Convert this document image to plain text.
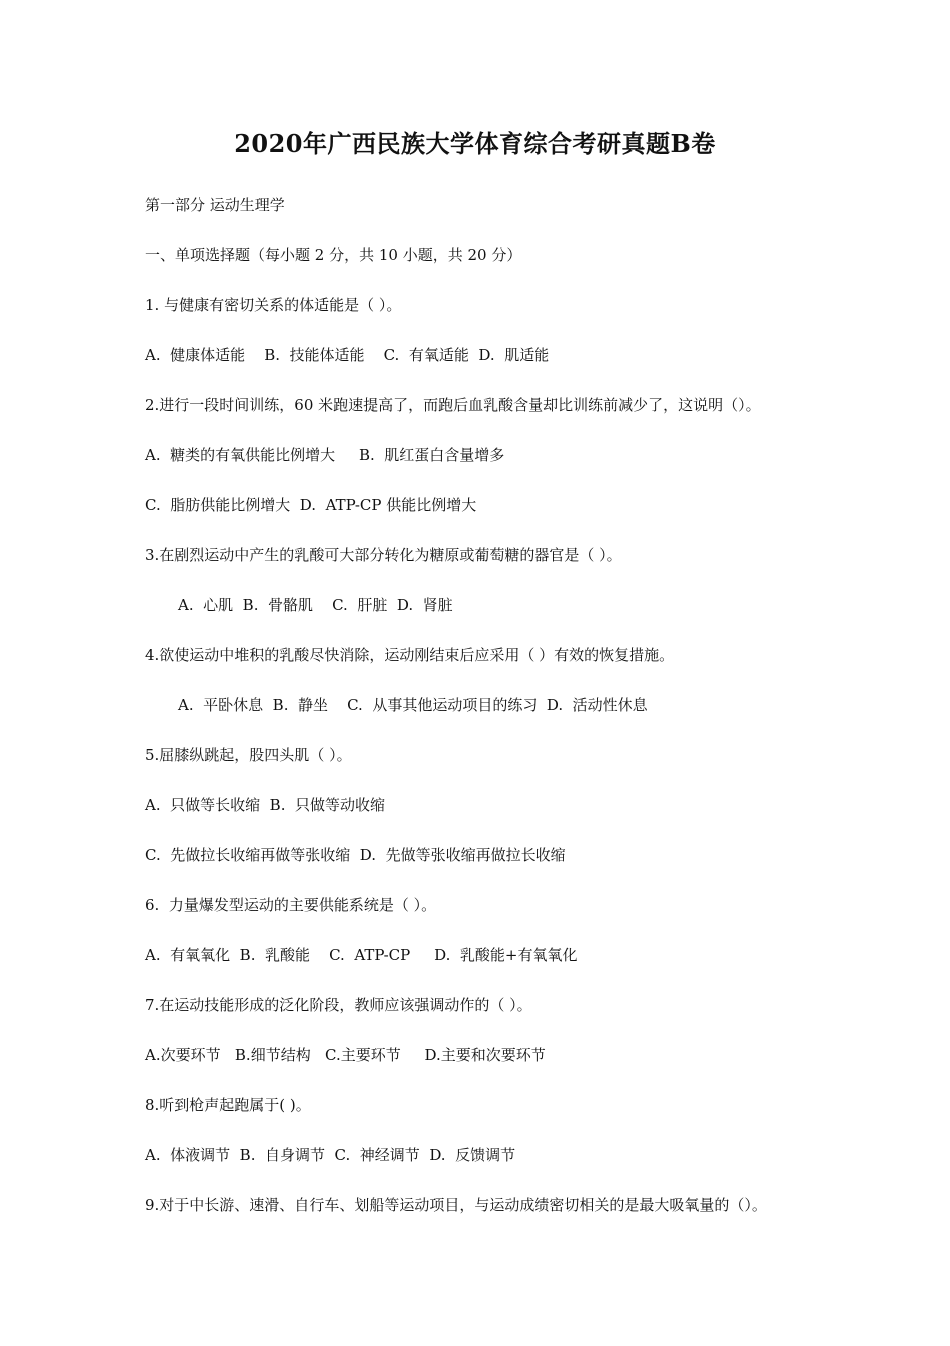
2020年广西民族大学体育综合考研真题B卷

第一部分 运动生理学

一、单项选择题（每小题 2 分，共 10 小题，共 20 分）

1. 与健康有密切关系的体适能是（ ）。

A.  健康体适能    B.  技能体适能    C.  有氧适能  D.  肌适能

2.进行一段时间训练，60 米跑速提高了，而跑后血乳酸含量却比训练前减少了，这说明（）。

A.  糖类的有氧供能比例增大     B.  肌红蛋白含量增多

C.  脂肪供能比例增大  D.  ATP-CP 供能比例增大

3.在剧烈运动中产生的乳酸可大部分转化为糖原或葡萄糖的器官是（ ）。

A.  心肌  B.  骨骼肌    C.  肝脏  D.  肾脏

4.欲使运动中堆积的乳酸尽快消除，运动刚结束后应采用（ ）有效的恢复措施。

A.  平卧休息  B.  静坐    C.  从事其他运动项目的练习  D.  活动性休息

5.屈膝纵跳起，股四头肌（ ）。

A.  只做等长收缩  B.  只做等动收缩

C.  先做拉长收缩再做等张收缩  D.  先做等张收缩再做拉长收缩

6.  力量爆发型运动的主要供能系统是（ ）。

A.  有氧氧化  B.  乳酸能    C.  ATP-CP     D.  乳酸能+有氧氧化

7.在运动技能形成的泛化阶段，教师应该强调动作的（ ）。

A.次要环节   B.细节结构   C.主要环节     D.主要和次要环节

8.听到枪声起跑属于( )。

A.  体液调节  B.  自身调节  C.  神经调节  D.  反馈调节

9.对于中长游、速滑、自行车、划船等运动项目，与运动成绩密切相关的是最大吸氧量的（）。
